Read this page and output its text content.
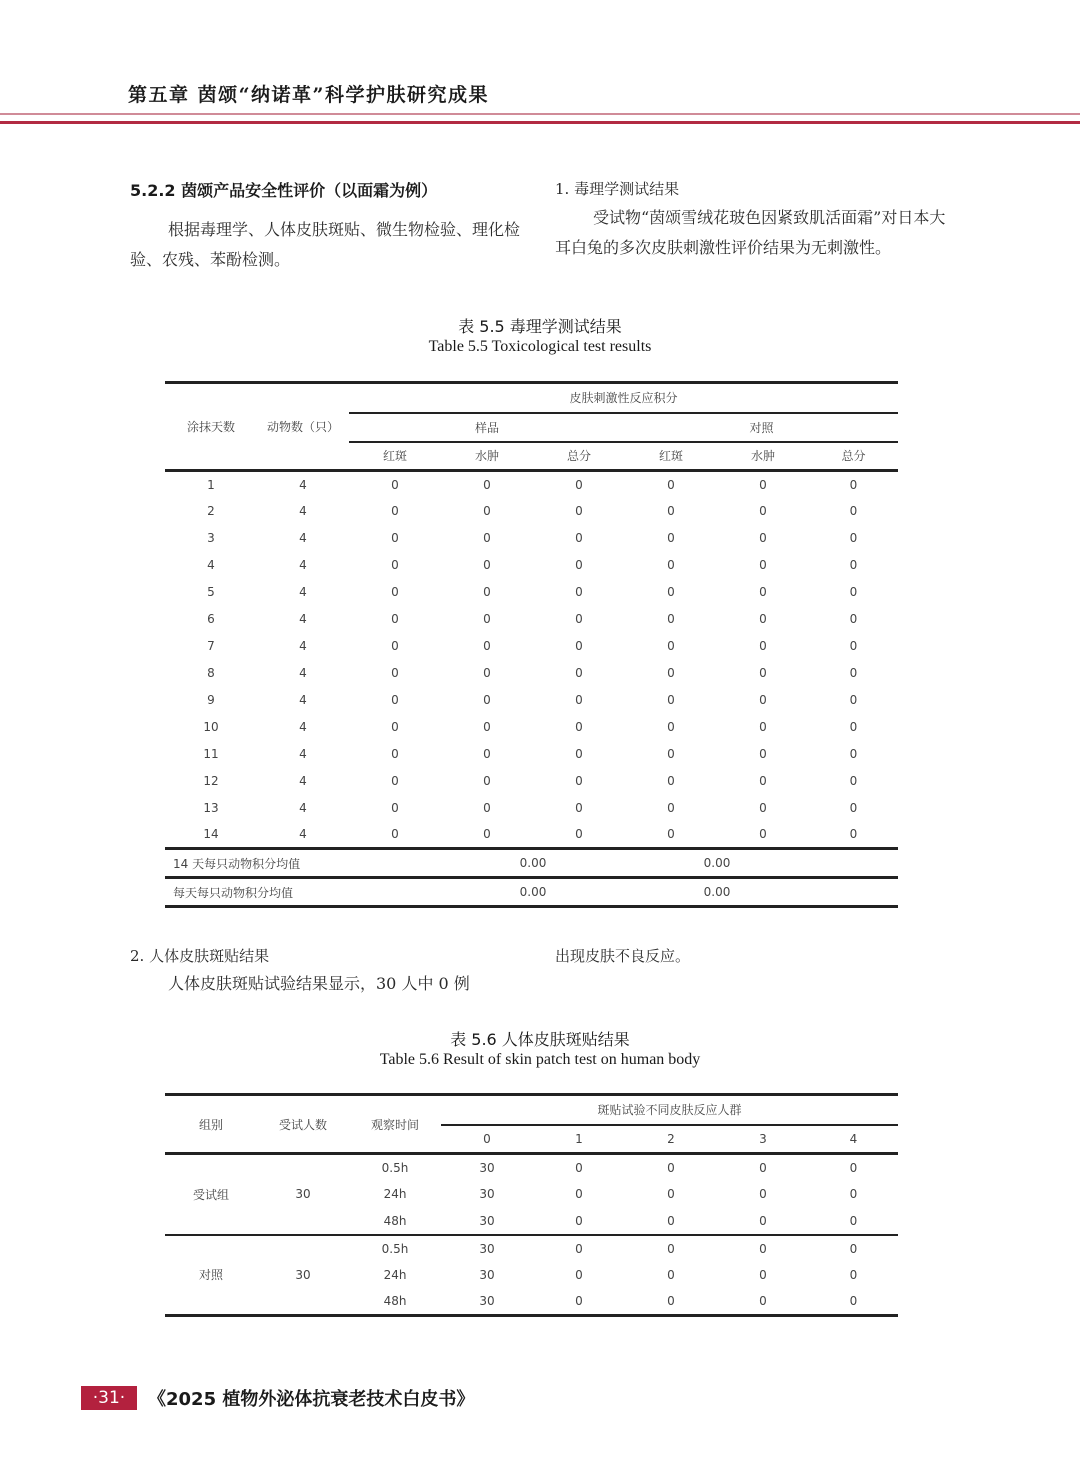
第五章 茵颂“纳诺革”科学护肤研究成果
5.2.2 茵颂产品安全性评价（以面霜为例）

根据毒理学、人体皮肤斑贴、微生物检验、理化检验、农残、苯酚检测。

1. 毒理学测试结果

受试物“茵颂雪绒花玻色因紧致肌活面霜”对日本大耳白兔的多次皮肤刺激性评价结果为无刺激性。

表 5.5 毒理学测试结果
Table 5.5 Toxicological test results
涂抹天数	动物数（只）	皮肤刺激性反应积分					
		样品			对照		
		红斑	水肿	总分	红斑	水肿	总分
1	4	0	0	0	0	0	0
2	4	0	0	0	0	0	0
3	4	0	0	0	0	0	0
4	4	0	0	0	0	0	0
5	4	0	0	0	0	0	0
6	4	0	0	0	0	0	0
7	4	0	0	0	0	0	0
8	4	0	0	0	0	0	0
9	4	0	0	0	0	0	0
10	4	0	0	0	0	0	0
11	4	0	0	0	0	0	0
12	4	0	0	0	0	0	0
13	4	0	0	0	0	0	0
14	4	0	0	0	0	0	0
14 天每只动物积分均值			0.00		0.00		
每天每只动物积分均值			0.00		0.00		
2. 人体皮肤斑贴结果

人体皮肤斑贴试验结果显示，30 人中 0 例

出现皮肤不良反应。
表 5.6 人体皮肤斑贴结果
Table 5.6 Result of skin patch test on human body
组别	受试人数	观察时间	斑贴试验不同皮肤反应人群				
			0	1	2	3	4
受试组	30	0.5h	30	0	0	0	0
		24h	30	0	0	0	0
		48h	30	0	0	0	0
对照	30	0.5h	30	0	0	0	0
		24h	30	0	0	0	0
		48h	30	0	0	0	0
·31·	《2025 植物外泌体抗衰老技术白皮书》
